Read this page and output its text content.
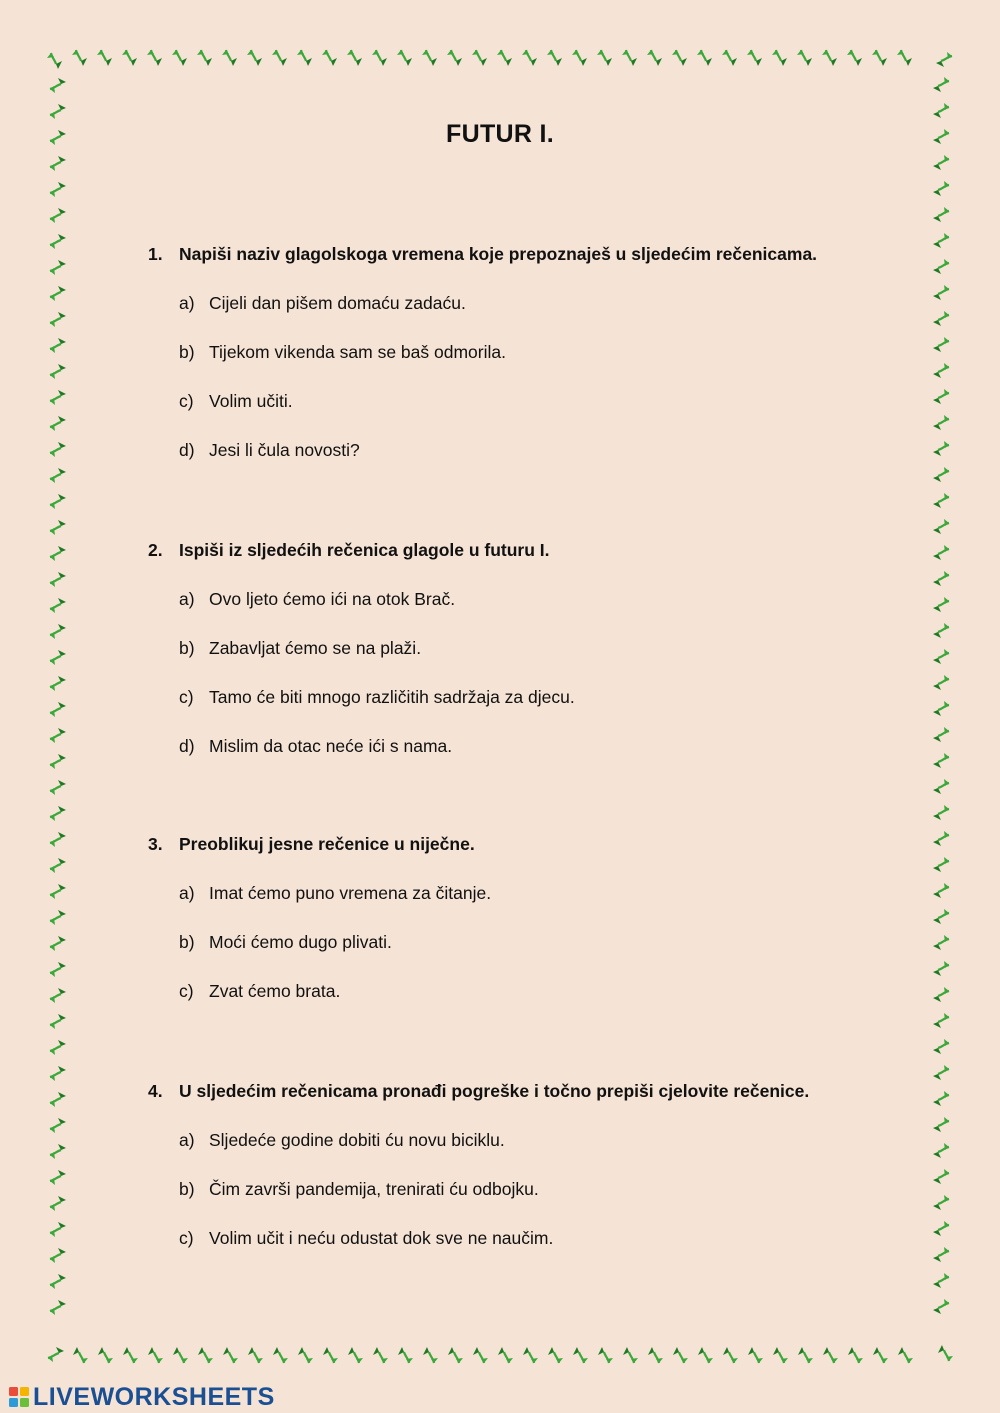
FUTUR I.
1. Napiši naziv glagolskoga vremena koje prepoznaješ u sljedećim rečenicama.
a) Cijeli dan pišem domaću zadaću.
b) Tijekom vikenda sam se baš odmorila.
c) Volim učiti.
d) Jesi li čula novosti?
2. Ispiši iz sljedećih rečenica glagole u futuru I.
a) Ovo ljeto ćemo ići na otok Brač.
b) Zabavljat ćemo se na plaži.
c) Tamo će biti mnogo različitih sadržaja za djecu.
d) Mislim da otac neće ići s nama.
3. Preoblikuj jesne rečenice u niječne.
a) Imat ćemo puno vremena za čitanje.
b) Moći ćemo dugo plivati.
c) Zvat ćemo brata.
4. U sljedećim rečenicama pronađi pogreške i točno prepiši cjelovite rečenice.
a) Sljedeće godine dobiti ću novu biciklu.
b) Čim završi pandemija, trenirati ću odbojku.
c) Volim učit i neću odustat dok sve ne naučim.
LIVEWORKSHEETS
